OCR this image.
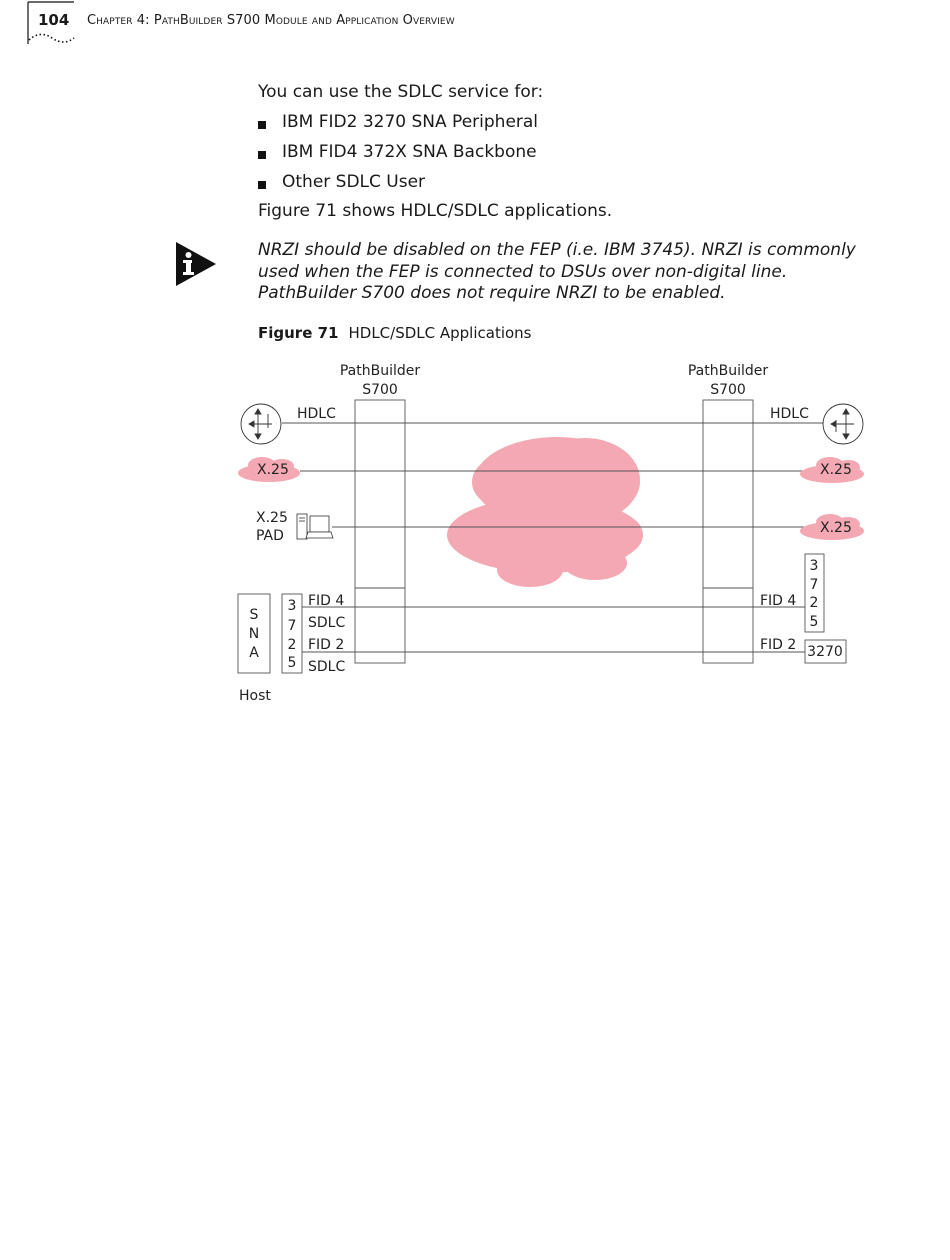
104 Chapter 4: PathBuilder S700 Module and Application Overview
You can use the SDLC service for:
IBM FID2 3270 SNA Peripheral
IBM FID4 372X SNA Backbone
Other SDLC User
Figure 71 shows HDLC/SDLC applications.
NRZI should be disabled on the FEP (i.e. IBM 3745). NRZI is commonly used when the FEP is connected to DSUs over non-digital line. PathBuilder S700 does not require NRZI to be enabled.
Figure 71 HDLC/SDLC Applications
PathBuilder
S700
PathBuilder
S700
HDLC	HDLC
X.25	X.25
X.25
X.25
PAD
S
N
A
Host
3
7
2
5
FID 4
SDLC
FID 2
SDLC
3
7
2
5
FID 4
FID 2 3270
